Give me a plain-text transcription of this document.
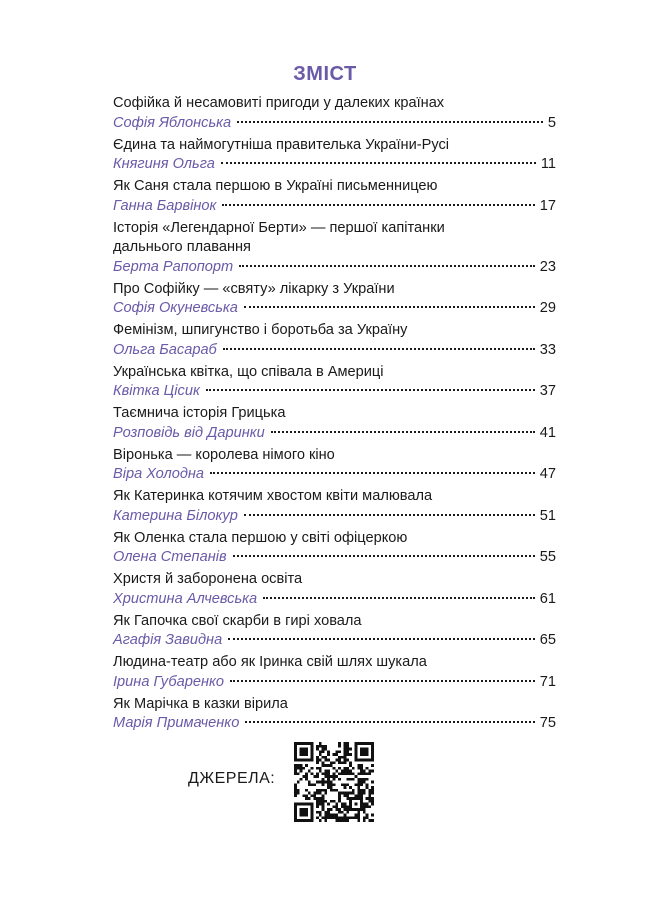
ЗМІСТ
Софійка й несамовиті пригоди у далеких країнах
Софія Яблонська	5
Єдина та наймогутніша правителька України-Русі
Княгиня Ольга	11
Як Саня стала першою в Україні письменницею
Ганна Барвінок	17
Історія «Легендарної Берти» — першої капітанки дальнього плавання
Берта Рапопорт	23
Про Софійку — «святу» лікарку з України
Софія Окуневська	29
Фемінізм, шпигунство і боротьба за Україну
Ольга Басараб	33
Українська квітка, що співала в Америці
Квітка Цісик	37
Таємнича історія Грицька
Розповідь від Даринки	41
Віронька — королева німого кіно
Віра Холодна	47
Як Катеринка котячим хвостом квіти малювала
Катерина Білокур	51
Як Оленка стала першою у світі офіцеркою
Олена Степанів	55
Христя й заборонена освіта
Христина Алчевська	61
Як Гапочка свої скарби в гирі ховала
Агафія Завидна	65
Людина-театр або як Іринка свій шлях шукала
Ірина Губаренко	71
Як Марічка в казки вірила
Марія Примаченко	75
ДЖЕРЕЛА:
